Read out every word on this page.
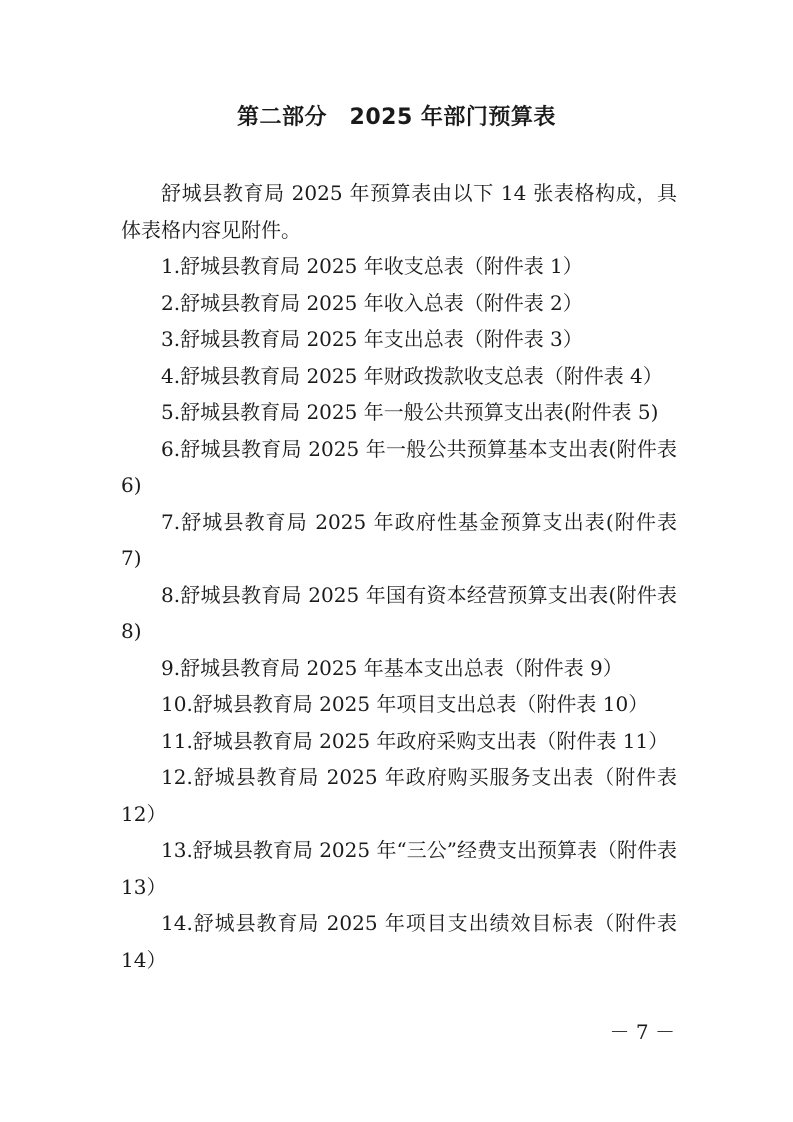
第二部分　2025 年部门预算表

舒城县教育局 2025 年预算表由以下 14 张表格构成，具体表格内容见附件。

1.舒城县教育局 2025 年收支总表（附件表 1）

2.舒城县教育局 2025 年收入总表（附件表 2）

3.舒城县教育局 2025 年支出总表（附件表 3）

4.舒城县教育局 2025 年财政拨款收支总表（附件表 4）

5.舒城县教育局 2025 年一般公共预算支出表(附件表 5)

6.舒城县教育局 2025 年一般公共预算基本支出表(附件表 6)

7.舒城县教育局 2025 年政府性基金预算支出表(附件表 7)

8.舒城县教育局 2025 年国有资本经营预算支出表(附件表 8)

9.舒城县教育局 2025 年基本支出总表（附件表 9）

10.舒城县教育局 2025 年项目支出总表（附件表 10）

11.舒城县教育局 2025 年政府采购支出表（附件表 11）

12.舒城县教育局 2025 年政府购买服务支出表（附件表 12）

13.舒城县教育局 2025 年“三公”经费支出预算表（附件表 13）

14.舒城县教育局 2025 年项目支出绩效目标表（附件表 14）

－ 7 －
